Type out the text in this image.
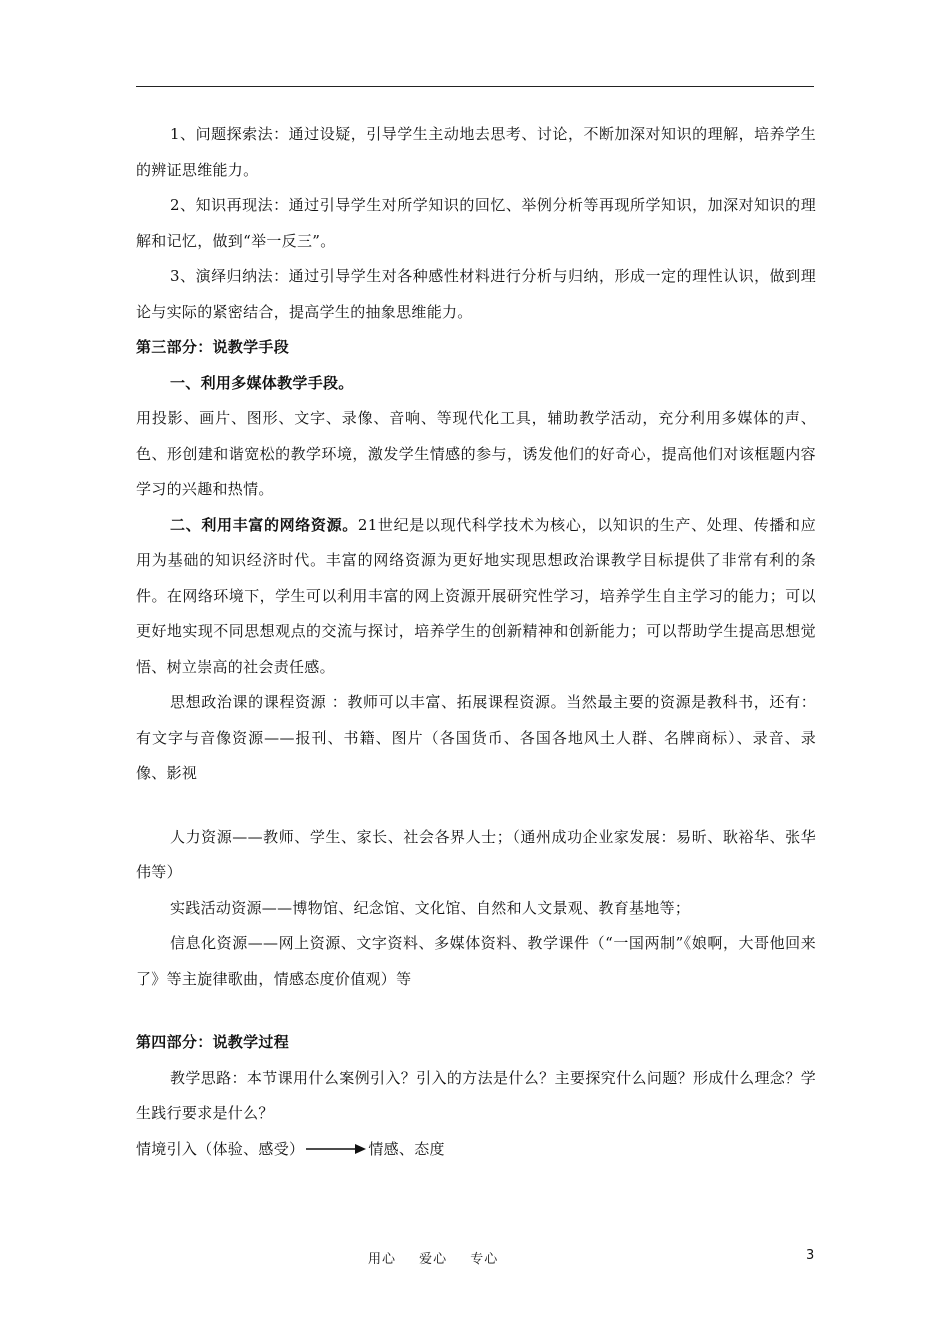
1、问题探索法：通过设疑，引导学生主动地去思考、讨论，不断加深对知识的理解，培养学生的辨证思维能力。

2、知识再现法：通过引导学生对所学知识的回忆、举例分析等再现所学知识，加深对知识的理解和记忆，做到“举一反三”。

3、演绎归纳法：通过引导学生对各种感性材料进行分析与归纳，形成一定的理性认识，做到理论与实际的紧密结合，提高学生的抽象思维能力。

第三部分：说教学手段

一、利用多媒体教学手段。

用投影、画片、图形、文字、录像、音响、等现代化工具，辅助教学活动，充分利用多媒体的声、色、形创建和谐宽松的教学环境，激发学生情感的参与，诱发他们的好奇心，提高他们对该框题内容学习的兴趣和热情。

二、利用丰富的网络资源。21世纪是以现代科学技术为核心，以知识的生产、处理、传播和应用为基础的知识经济时代。丰富的网络资源为更好地实现思想政治课教学目标提供了非常有利的条件。在网络环境下，学生可以利用丰富的网上资源开展研究性学习，培养学生自主学习的能力；可以更好地实现不同思想观点的交流与探讨，培养学生的创新精神和创新能力；可以帮助学生提高思想觉悟、树立崇高的社会责任感。

思想政治课的课程资源 ：教师可以丰富、拓展课程资源。当然最主要的资源是教科书，还有：有文字与音像资源——报刊、书籍、图片（各国货币、各国各地风土人群、名牌商标）、录音、录像、影视

人力资源——教师、学生、家长、社会各界人士；（通州成功企业家发展：易昕、耿裕华、张华伟等）

实践活动资源——博物馆、纪念馆、文化馆、自然和人文景观、教育基地等；

信息化资源——网上资源、文字资料、多媒体资料、教学课件（“一国两制”《娘啊，大哥他回来了》等主旋律歌曲，情感态度价值观）等

第四部分：说教学过程

教学思路：本节课用什么案例引入？引入的方法是什么？主要探究什么问题？形成什么理念？学生践行要求是什么？

情境引入（体验、感受）	情感、态度
用心 爱心 专心	3
